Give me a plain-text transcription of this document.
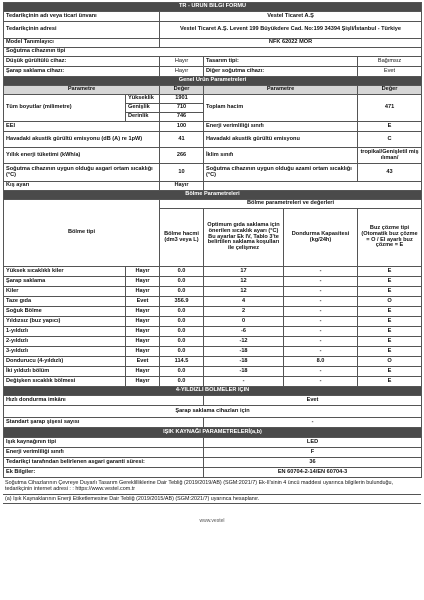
TR - ÜRÜN BİLGİ FORMU					
Tedarikçinin adı veya ticari ünvanı		Vestel Ticaret A.Ş			
Tedarikçinin adresi		Vestel Ticaret A.Ş. Levent 199 Büyükdere Cad. No:199 34394 Şişli/İstanbul - Türkiye			
Model Tanımlayıcı		NFK 62022 MOR			
Soğutma cihazının tipi					
Düşük gürültülü cihaz:		Hayır	Tasarım tipi:		Bağımsız
Şarap saklama cihazı:		Hayır	Diğer soğutma cihazı:		Evet
Genel Ürün Parametreleri					
Parametre		Değer	Parametre		Değer
Tüm boyutlar (milimetre)	Yükseklik	1901	Toplam hacim		471
	Genişlik	710			
	Derinlik	746			
EEI		100	Enerji verimliliği sınıfı		E
Havadaki akustik gürültü emisyonu (dB (A) re 1pW)		41	Havadaki akustik gürültü emisyonu		C
Yıllık enerji tüketimi (kWh/a)		266	İklim sınıfı		tropikal/Genişletil miş ılıman/
Soğutma cihazının uygun olduğu asgari ortam sıcaklığı (°C)		10	Soğutma cihazının uygun olduğu azami ortam sıcaklığı (°C)		43
Kış ayarı		Hayır			
Bölme Parametreleri					
Bölme tipi		Bölme parametreleri ve değerleri			
		Bölme hacmi (dm3 veya L)	Optimum gıda saklama için önerilen sıcaklık ayarı (°C) Bu ayarlar Ek IV, Tablo 3'te belirtilen saklama koşulları ile çelişmez	Dondurma Kapasitesi (kg/24h)	Buz çözme tipi (Otomatik buz çözme = O / El ayarlı buz çözme = E
Yüksek sıcaklıklı kiler	Hayır	0.0	17	-	E
Şarap saklama	Hayır	0.0	12	-	E
Kiler	Hayır	0.0	12	-	E
Taze gıda	Evet	356.9	4	-	O
Soğuk Bölme	Hayır	0.0	2	-	E
Yıldızsız (buz yapıcı)	Hayır	0.0	0	-	E
1-yıldızlı	Hayır	0.0	-6	-	E
2-yıldızlı	Hayır	0.0	-12	-	E
3-yıldızlı	Hayır	0.0	-18	-	E
Dondurucu (4-yıldızlı)	Evet	114.5	-18	8.0	O
İki yıldızlı bölüm	Hayır	0.0	-18	-	E
Değişken sıcaklık bölmesi	Hayır	0.0	-	-	E
4-YILDIZLI BÖLMELER İÇİN					
Hızlı dondurma imkânı			Evet		
Şarap saklama cihazları için					
Standart şarap şişesi sayısı			-		
IŞIK KAYNAĞI PARAMETRELERİ(a,b)					
Işık kaynağının tipi			LED		
Enerji verimliliği sınıfı			F		
Tedarikçi tarafından belirlenen asgari garanti süresi:			36		
Ek Bilgiler:			EN 60704-2-14/EN 60704-3		
Soğutma Cihazlarının Çevreye Duyarlı Tasarım Gereklilliklerine Dair Tebliğ (2019/2019/AB) (SGM:2021/7) Ek-II'sinin 4 üncü maddesi uyarınca bilgilerin bulunduğu, tedarikçinin internet adresi : : https://www.vestel.com.tr
(a) Işık Kaynaklarının Enerji Etiketlemesine Dair Tebliğ (2019/2015/AB) (SGM:2021/7) uyarınca hesaplanır.
www.vestel
